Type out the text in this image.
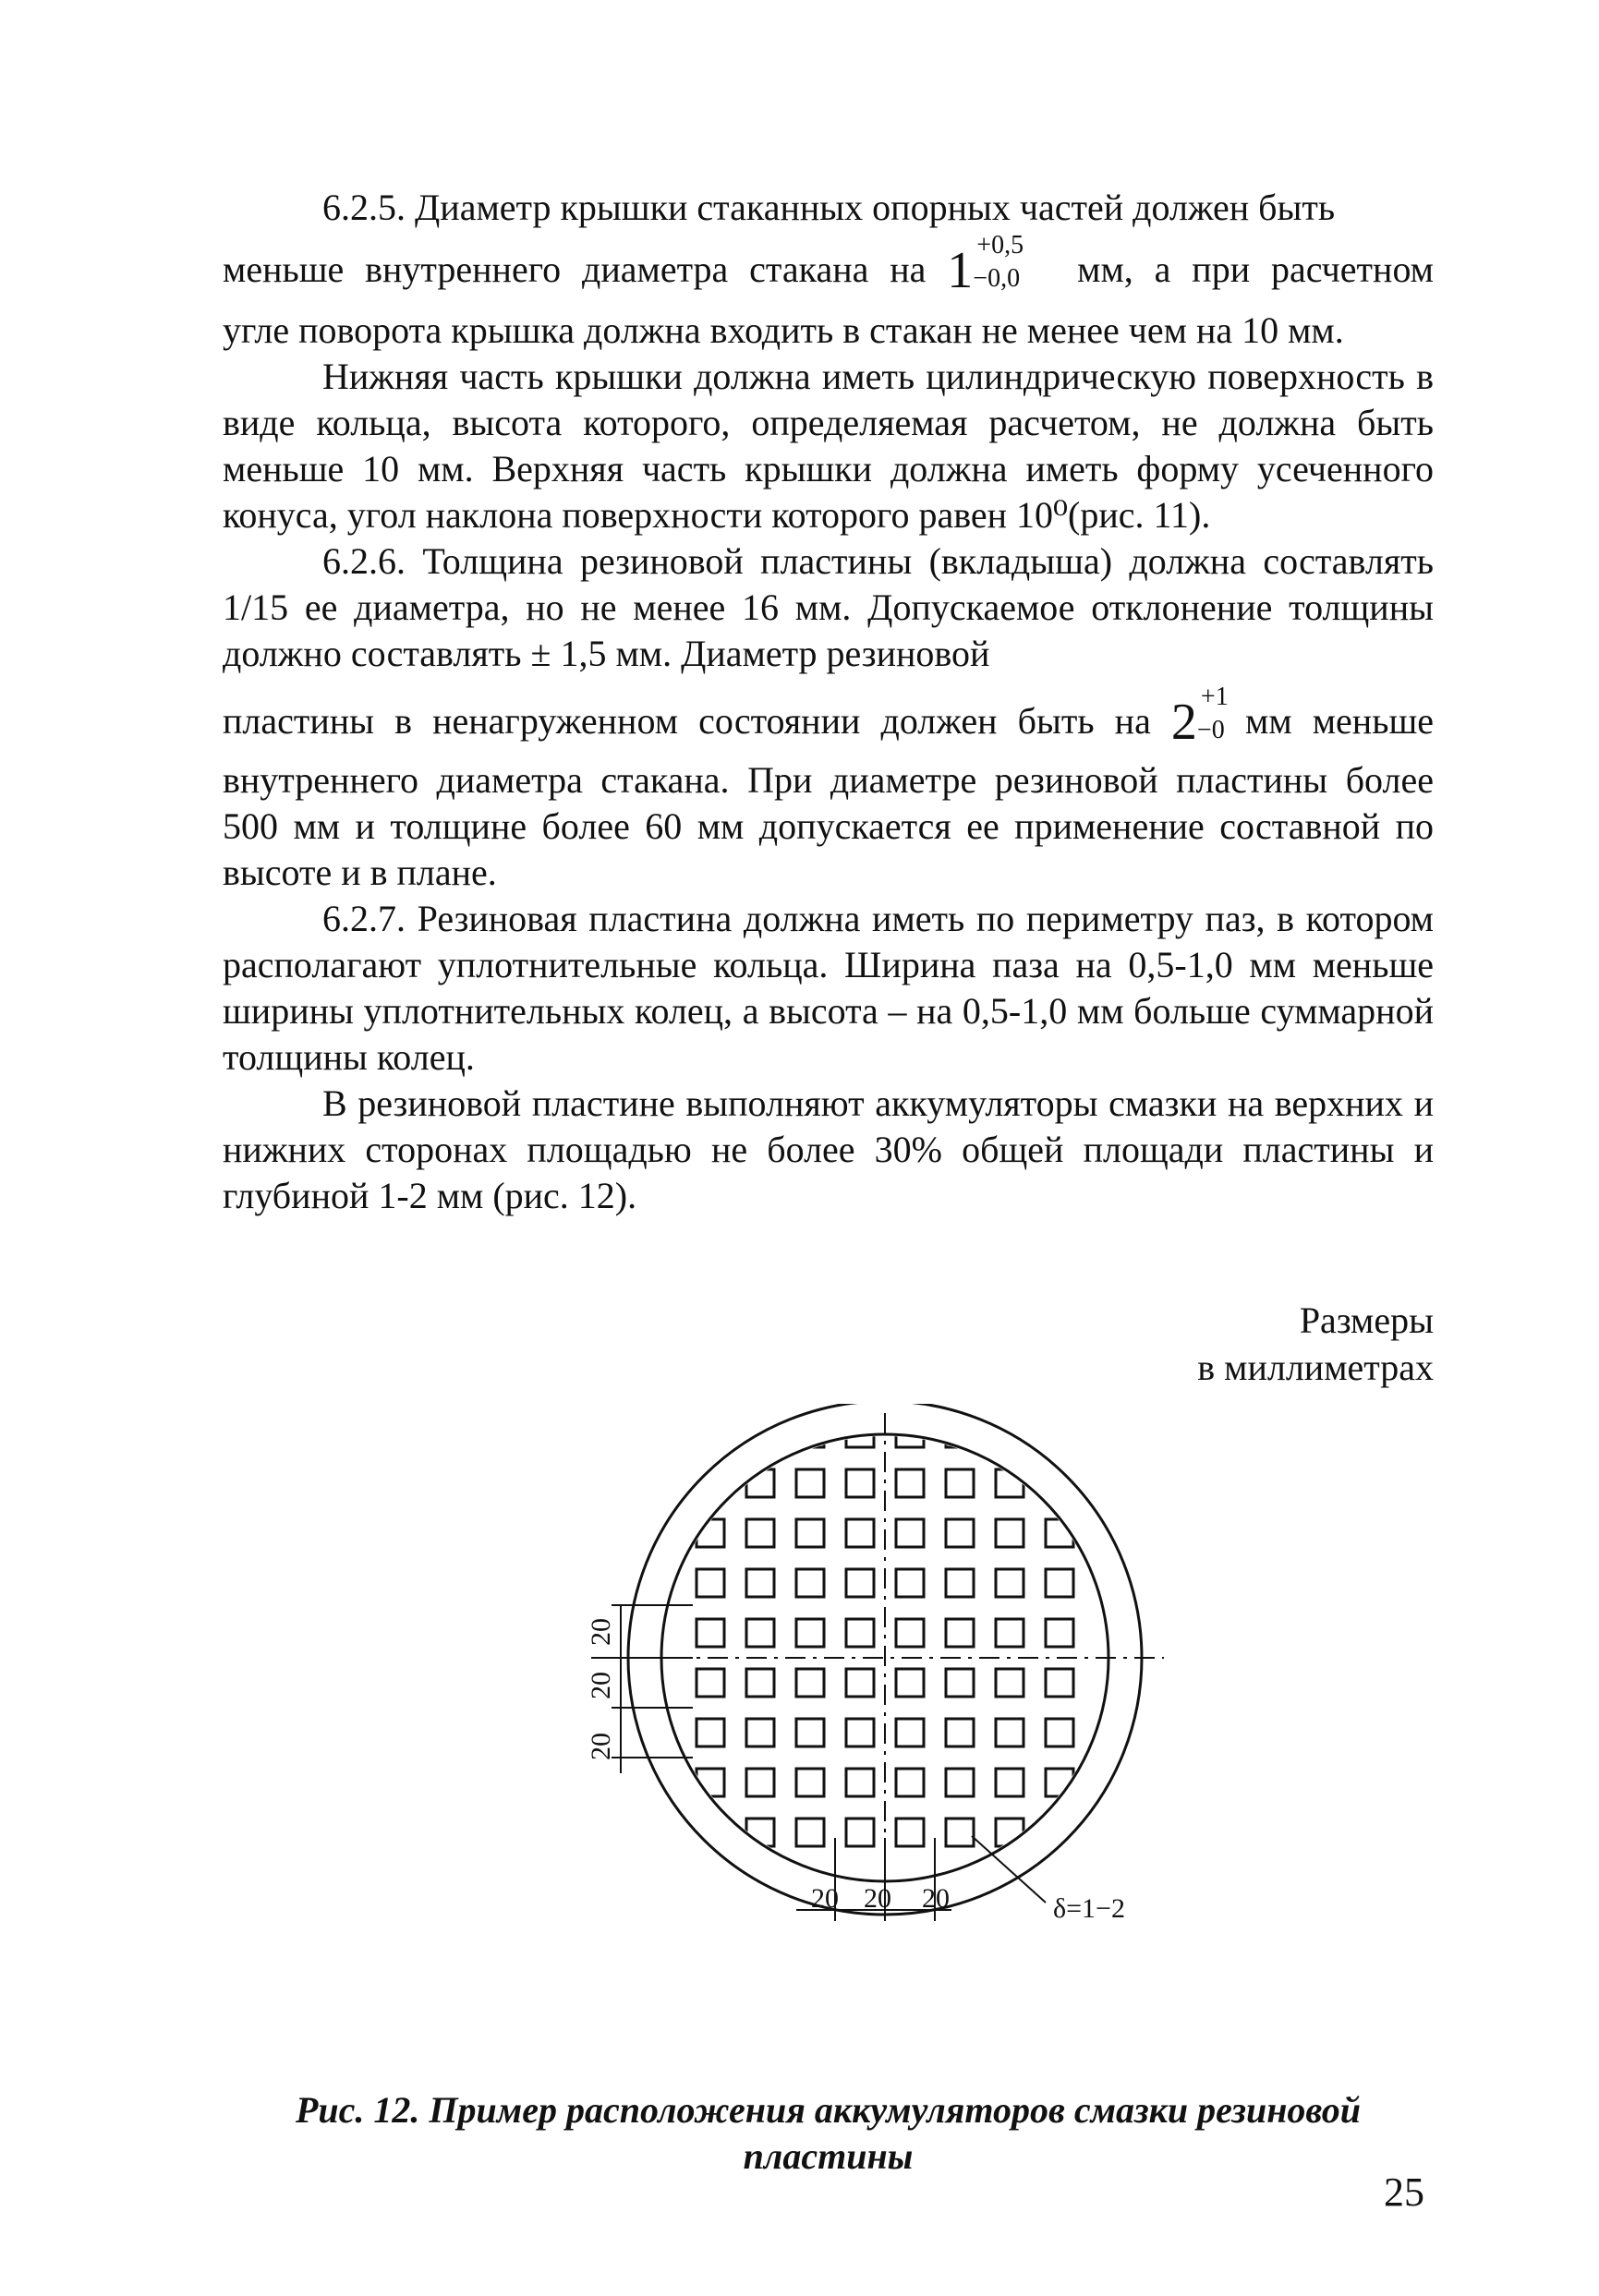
6.2.5. Диаметр крышки стаканных опорных частей должен быть

меньше внутреннего диаметра стакана на 1 +0,5
−0,0 мм, а при расчетном

угле поворота крышка должна входить в стакан не менее чем на 10 мм.

Нижняя часть крышки должна иметь цилиндрическую поверхность в виде кольца, высота которого, определяемая расчетом, не должна быть меньше 10 мм. Верхняя часть крышки должна иметь форму усеченного конуса, угол наклона поверхности которого равен 10⁰(рис. 11).

6.2.6. Толщина резиновой пластины (вкладыша) должна составлять 1/15 ее диаметра, но не менее 16 мм. Допускаемое отклонение толщины должно составлять ± 1,5 мм. Диаметр резиновой

пластины в ненагруженном состоянии должен быть на 2 +1
−0 мм меньше

внутреннего диаметра стакана. При диаметре резиновой пластины более 500 мм и толщине более 60 мм допускается ее применение составной по высоте и в плане.

6.2.7. Резиновая пластина должна иметь по периметру паз, в котором располагают уплотнительные кольца. Ширина паза на 0,5-1,0 мм меньше ширины уплотнительных колец, а высота – на 0,5-1,0 мм больше суммарной толщины колец.

В резиновой пластине выполняют аккумуляторы смазки на верхних и нижних сторонах площадью не более 30% общей площади пластины и глубиной 1-2 мм (рис. 12).

Размеры
в миллиметрах
20 20 20
20
20
20
δ=1−2
Рис. 12. Пример расположения аккумуляторов смазки резиновой
пластины
25
